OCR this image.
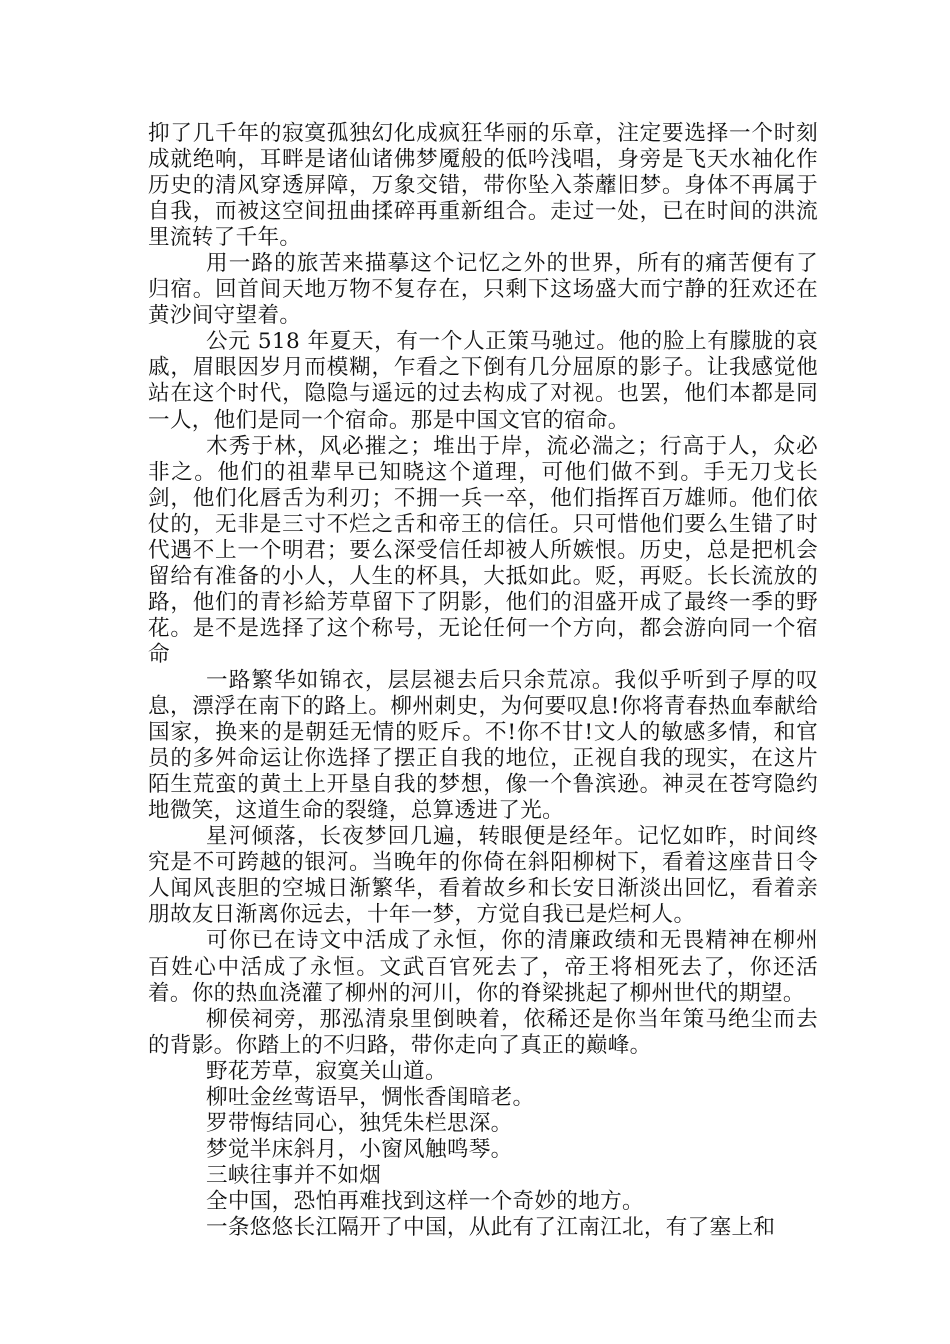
抑了几千年的寂寞孤独幻化成疯狂华丽的乐章，注定要选择一个时刻成就绝响，耳畔是诸仙诸佛梦魇般的低吟浅唱，身旁是飞天水袖化作历史的清风穿透屏障，万象交错，带你坠入荼蘼旧梦。身体不再属于自我，而被这空间扭曲揉碎再重新组合。走过一处，已在时间的洪流里流转了千年。

用一路的旅苦来描摹这个记忆之外的世界，所有的痛苦便有了归宿。回首间天地万物不复存在，只剩下这场盛大而宁静的狂欢还在黄沙间守望着。

公元 518 年夏天，有一个人正策马驰过。他的脸上有朦胧的哀戚，眉眼因岁月而模糊，乍看之下倒有几分屈原的影子。让我感觉他站在这个时代，隐隐与遥远的过去构成了对视。也罢，他们本都是同一人，他们是同一个宿命。那是中国文官的宿命。

木秀于林，风必摧之；堆出于岸，流必湍之；行高于人，众必非之。他们的祖辈早已知晓这个道理，可他们做不到。手无刀戈长剑，他们化唇舌为利刃；不拥一兵一卒，他们指挥百万雄师。他们依仗的，无非是三寸不烂之舌和帝王的信任。只可惜他们要么生错了时代遇不上一个明君；要么深受信任却被人所嫉恨。历史，总是把机会留给有准备的小人，人生的杯具，大抵如此。贬，再贬。长长流放的路，他们的青衫給芳草留下了阴影，他们的泪盛开成了最终一季的野花。是不是选择了这个称号，无论任何一个方向，都会游向同一个宿命

一路繁华如锦衣，层层褪去后只余荒凉。我似乎听到子厚的叹息，漂浮在南下的路上。柳州刺史，为何要叹息!你将青春热血奉献给国家，换来的是朝廷无情的贬斥。不!你不甘!文人的敏感多情，和官员的多舛命运让你选择了摆正自我的地位，正视自我的现实，在这片陌生荒蛮的黄土上开垦自我的梦想，像一个鲁滨逊。神灵在苍穹隐约地微笑，这道生命的裂缝，总算透进了光。

星河倾落，长夜梦回几遍，转眼便是经年。记忆如昨，时间终究是不可跨越的银河。当晚年的你倚在斜阳柳树下，看着这座昔日令人闻风丧胆的空城日渐繁华，看着故乡和长安日渐淡出回忆，看着亲朋故友日渐离你远去，十年一梦，方觉自我已是烂柯人。

可你已在诗文中活成了永恒，你的清廉政绩和无畏精神在柳州百姓心中活成了永恒。文武百官死去了，帝王将相死去了，你还活着。你的热血浇灌了柳州的河川，你的脊梁挑起了柳州世代的期望。

柳侯祠旁，那泓清泉里倒映着，依稀还是你当年策马绝尘而去的背影。你踏上的不归路，带你走向了真正的巅峰。

野花芳草，寂寞关山道。

柳吐金丝莺语早，惆怅香闺暗老。

罗带悔结同心，独凭朱栏思深。

梦觉半床斜月，小窗风触鸣琴。

三峡往事并不如烟

全中国，恐怕再难找到这样一个奇妙的地方。

一条悠悠长江隔开了中国，从此有了江南江北，有了塞上和
